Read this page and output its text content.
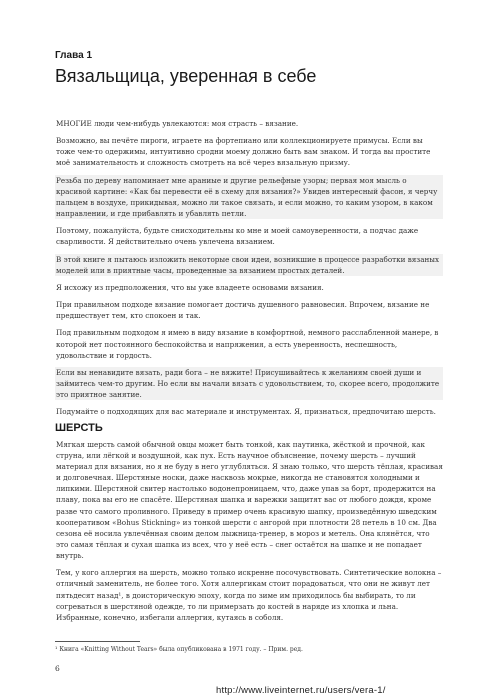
Глава 1
Вязальщица, уверенная в себе

МНОГИЕ люди чем-нибудь увлекаются: моя страсть – вязание.

Возможно, вы печёте пироги, играете на фортепиано или коллекционируете примусы. Если вы тоже чем-то одержимы, интуитивно сродни моему должно быть вам знаком. И тогда вы простите моё занимательность и сложность смотреть на всё через вязальную призму.

Резьба по дереву напоминает мне араниые и другие рельефные узоры; первая моя мысль о красивой картине: «Как бы перевести её в схему для вязания?» Увидев интересный фасон, я черчу пальцем в воздухе, прикидывая, можно ли такое связать, и если можно, то каким узором, в каком направлении, и где прибавлять и убавлять петли.

Поэтому, пожалуйста, будьте снисходительны ко мне и моей самоуверенности, а подчас даже сварливости. Я действительно очень увлечена вязанием.

В этой книге я пытаюсь изложить некоторые свои идеи, возникшие в процессе разработки вязаных моделей или в приятные часы, проведенные за вязанием простых деталей.

Я исхожу из предположения, что вы уже владеете основами вязания.

При правильном подходе вязание помогает достичь душевного равновесия. Впрочем, вязание не предшествует тем, кто спокоен и так.

Под правильным подходом я имею в виду вязание в комфортной, немного расслабленной манере, в которой нет постоянного беспокойства и напряжения, а есть уверенность, неспешность, удовольствие и гордость.

Если вы ненавидите вязать, ради бога – не вяжите! Присушивайтесь к желаниям своей души и займитесь чем-то другим. Но если вы начали вязать с удовольствием, то, скорее всего, продолжите это приятное занятие.

Подумайте о подходящих для вас материале и инструментах. Я, признаться, предпочитаю шерсть.

ШЕРСТЬ

Мягкая шерсть самой обычной овцы может быть тонкой, как паутинка, жёсткой и прочной, как струна, или лёгкой и воздушной, как пух. Есть научное объяснение, почему шерсть – лучший материал для вязания, но я не буду в него углубляться. Я знаю только, что шерсть тёплая, красивая и долговечная. Шерстяные носки, даже насквозь мокрые, никогда не становятся холодными и липкими. Шерстяной свитер настолько водонепроницаем, что, даже упав за борт, продержится на плаву, пока вы его не спасёте. Шерстяная шапка и варежки защитят вас от любого дождя, кроме разве что самого проливного. Приведу в пример очень красивую шапку, произведённую шведским кооперативом «Bohus Stickning» из тонкой шерсти с ангорой при плотности 28 петель в 10 см. Два сезона её носила увлечённая своим делом лыжница-тренер, в мороз и метель. Она клянётся, что это самая тёплая и сухая шапка из всех, что у неё есть – снег остаётся на шапке и не попадает внутрь.

Тем, у кого аллергия на шерсть, можно только искренне посочувствовать. Синтетические волокна – отличный заменитель, не более того. Хотя аллергикам стоит порадоваться, что они не живут лет пятьдесят назад¹, в доисторическую эпоху, когда по зиме им приходилось бы выбирать, то ли согреваться в шерстяной одежде, то ли примерзать до костей в наряде из хлопка и льна. Избранные, конечно, избегали аллергия, кутаясь в соболя.

¹ Книга «Knitting Without Tears» была опубликована в 1971 году. – Прим. ред.
6
http://www.liveinternet.ru/users/vera-1/
